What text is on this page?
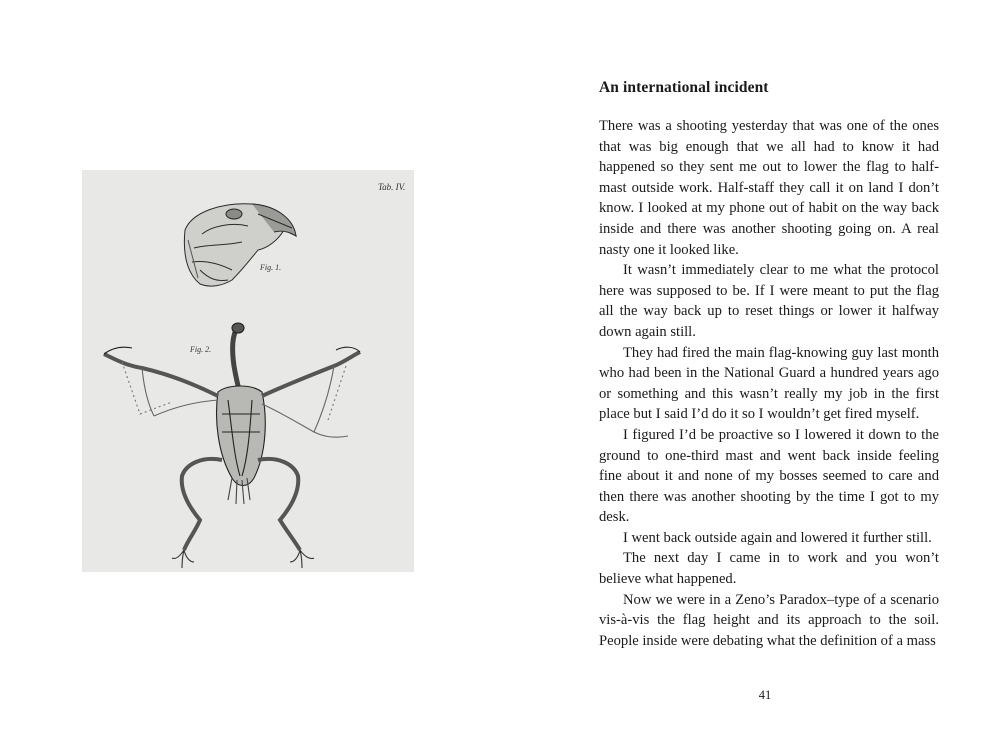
Tab. IV.
Fig. 1.
Fig. 2.
An international incident

There was a shooting yesterday that was one of the ones that was big enough that we all had to know it had happened so they sent me out to lower the flag to half-mast outside work. Half-staff they call it on land I don’t know. I looked at my phone out of habit on the way back inside and there was another shooting going on. A real nasty one it looked like.

It wasn’t immediately clear to me what the protocol here was supposed to be. If I were meant to put the flag all the way back up to reset things or lower it halfway down again still.

They had fired the main flag-knowing guy last month who had been in the National Guard a hundred years ago or something and this wasn’t really my job in the first place but I said I’d do it so I wouldn’t get fired myself.

I figured I’d be proactive so I lowered it down to the ground to one-third mast and went back inside feeling fine about it and none of my bosses seemed to care and then there was another shooting by the time I got to my desk.

I went back outside again and lowered it further still.

The next day I came in to work and you won’t believe what happened.

Now we were in a Zeno’s Paradox–type of a scenario vis-à-vis the flag height and its approach to the soil. People inside were debating what the definition of a mass

41
